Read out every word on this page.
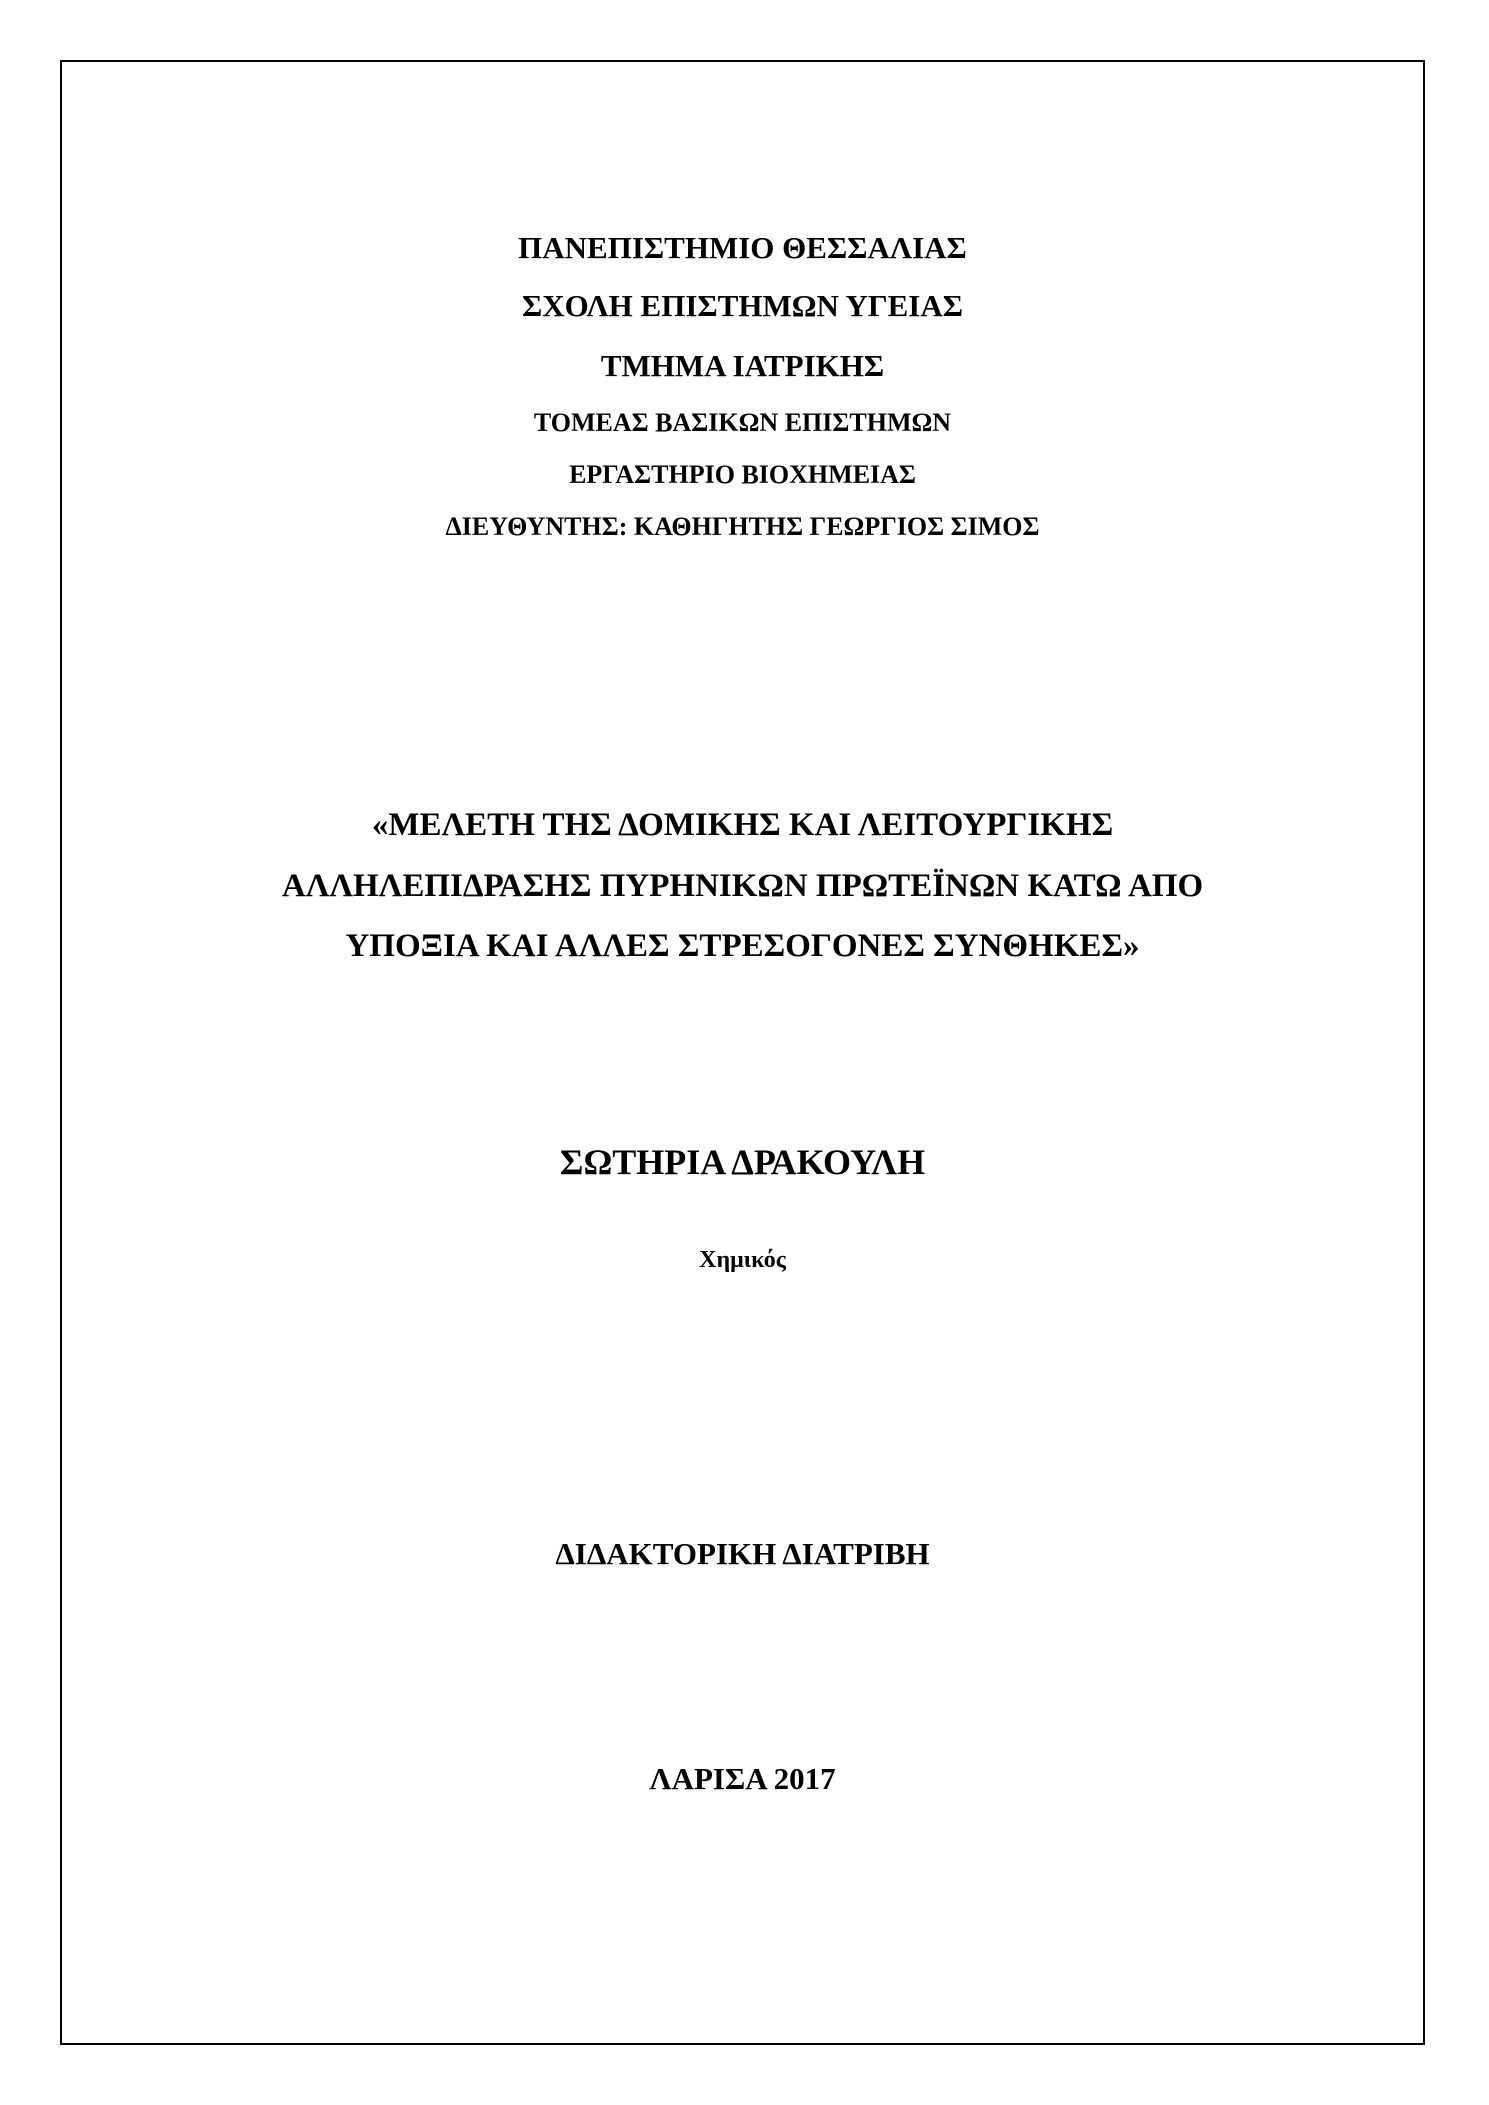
ΠΑΝΕΠΙΣΤΗΜΙΟ ΘΕΣΣΑΛΙΑΣ
ΣΧΟΛΗ ΕΠΙΣΤΗΜΩΝ ΥΓΕΙΑΣ
ΤΜΗΜΑ ΙΑΤΡΙΚΗΣ
ΤΟΜΕΑΣ ΒΑΣΙΚΩΝ ΕΠΙΣΤΗΜΩΝ
ΕΡΓΑΣΤΗΡΙΟ ΒΙΟΧΗΜΕΙΑΣ
ΔΙΕΥΘΥΝΤΗΣ: ΚΑΘΗΓΗΤΗΣ ΓΕΩΡΓΙΟΣ ΣΙΜΟΣ
«ΜΕΛΕΤΗ ΤΗΣ ΔΟΜΙΚΗΣ ΚΑΙ ΛΕΙΤΟΥΡΓΙΚΗΣ
ΑΛΛΗΛΕΠΙΔΡΑΣΗΣ ΠΥΡΗΝΙΚΩΝ ΠΡΩΤΕΪΝΩΝ ΚΑΤΩ ΑΠΟ
ΥΠΟΞΙΑ ΚΑΙ ΑΛΛΕΣ ΣΤΡΕΣΟΓΟΝΕΣ ΣΥΝΘΗΚΕΣ»
ΣΩΤΗΡΙΑ ΔΡΑΚΟΥΛΗ
Χημικός
ΔΙΔΑΚΤΟΡΙΚΗ ΔΙΑΤΡΙΒΗ
ΛΑΡΙΣΑ 2017
